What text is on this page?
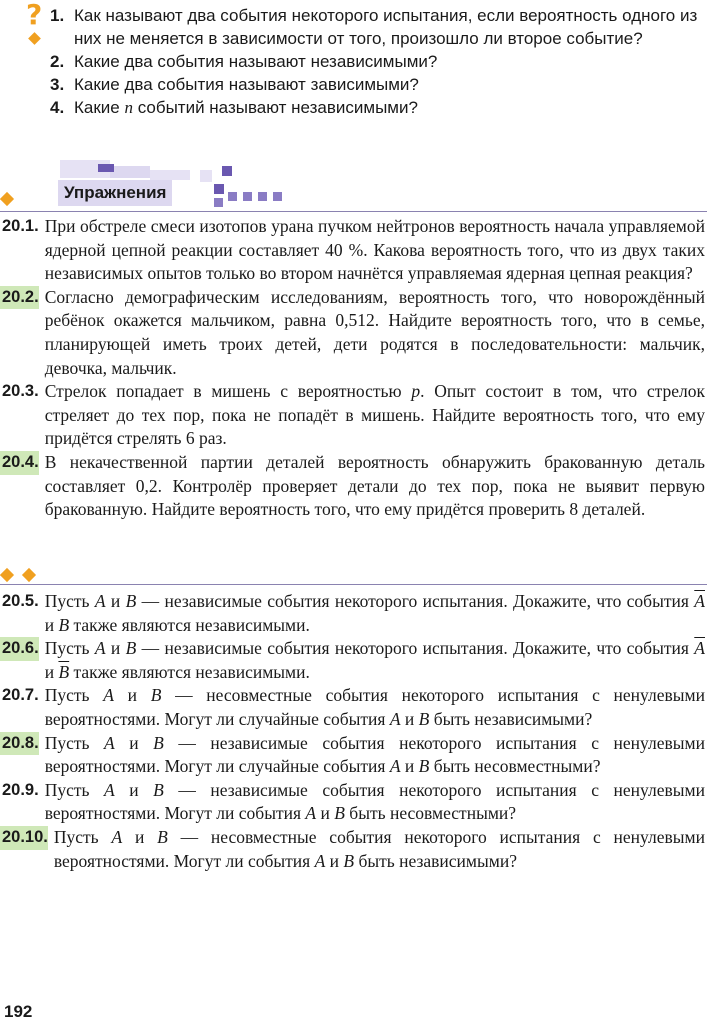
? 1. Как называют два события некоторого испытания, если вероятность одного из них не меняется в зависимости от того, произошло ли второе событие?
2. Какие два события называют независимыми?
3. Какие два события называют зависимыми?
4. Какие n событий называют независимыми?
Упражнения
20.1. При обстреле смеси изотопов урана пучком нейтронов вероятность начала управляемой ядерной цепной реакции составляет 40 %. Какова вероятность того, что из двух таких независимых опытов только во втором начнётся управляемая ядерная цепная реакция?
20.2. Согласно демографическим исследованиям, вероятность того, что новорождённый ребёнок окажется мальчиком, равна 0,512. Найдите вероятность того, что в семье, планирующей иметь троих детей, дети родятся в последовательности: мальчик, девочка, мальчик.
20.3. Стрелок попадает в мишень с вероятностью p. Опыт состоит в том, что стрелок стреляет до тех пор, пока не попадёт в мишень. Найдите вероятность того, что ему придётся стрелять 6 раз.
20.4. В некачественной партии деталей вероятность обнаружить бракованную деталь составляет 0,2. Контролёр проверяет детали до тех пор, пока не выявит первую бракованную. Найдите вероятность того, что ему придётся проверить 8 деталей.
20.5. Пусть A и B — независимые события некоторого испытания. Докажите, что события $\overline{A}$ и B также являются независимыми.
20.6. Пусть A и B — независимые события некоторого испытания. Докажите, что события $\overline{A}$ и $\overline{B}$ также являются независимыми.
20.7. Пусть A и B — несовместные события некоторого испытания с ненулевыми вероятностями. Могут ли случайные события A и B быть независимыми?
20.8. Пусть A и B — независимые события некоторого испытания с ненулевыми вероятностями. Могут ли случайные события A и B быть несовместными?
20.9. Пусть A и B — независимые события некоторого испытания с ненулевыми вероятностями. Могут ли события A и B быть несовместными?
20.10. Пусть A и B — несовместные события некоторого испытания с ненулевыми вероятностями. Могут ли события A и B быть независимыми?
192
